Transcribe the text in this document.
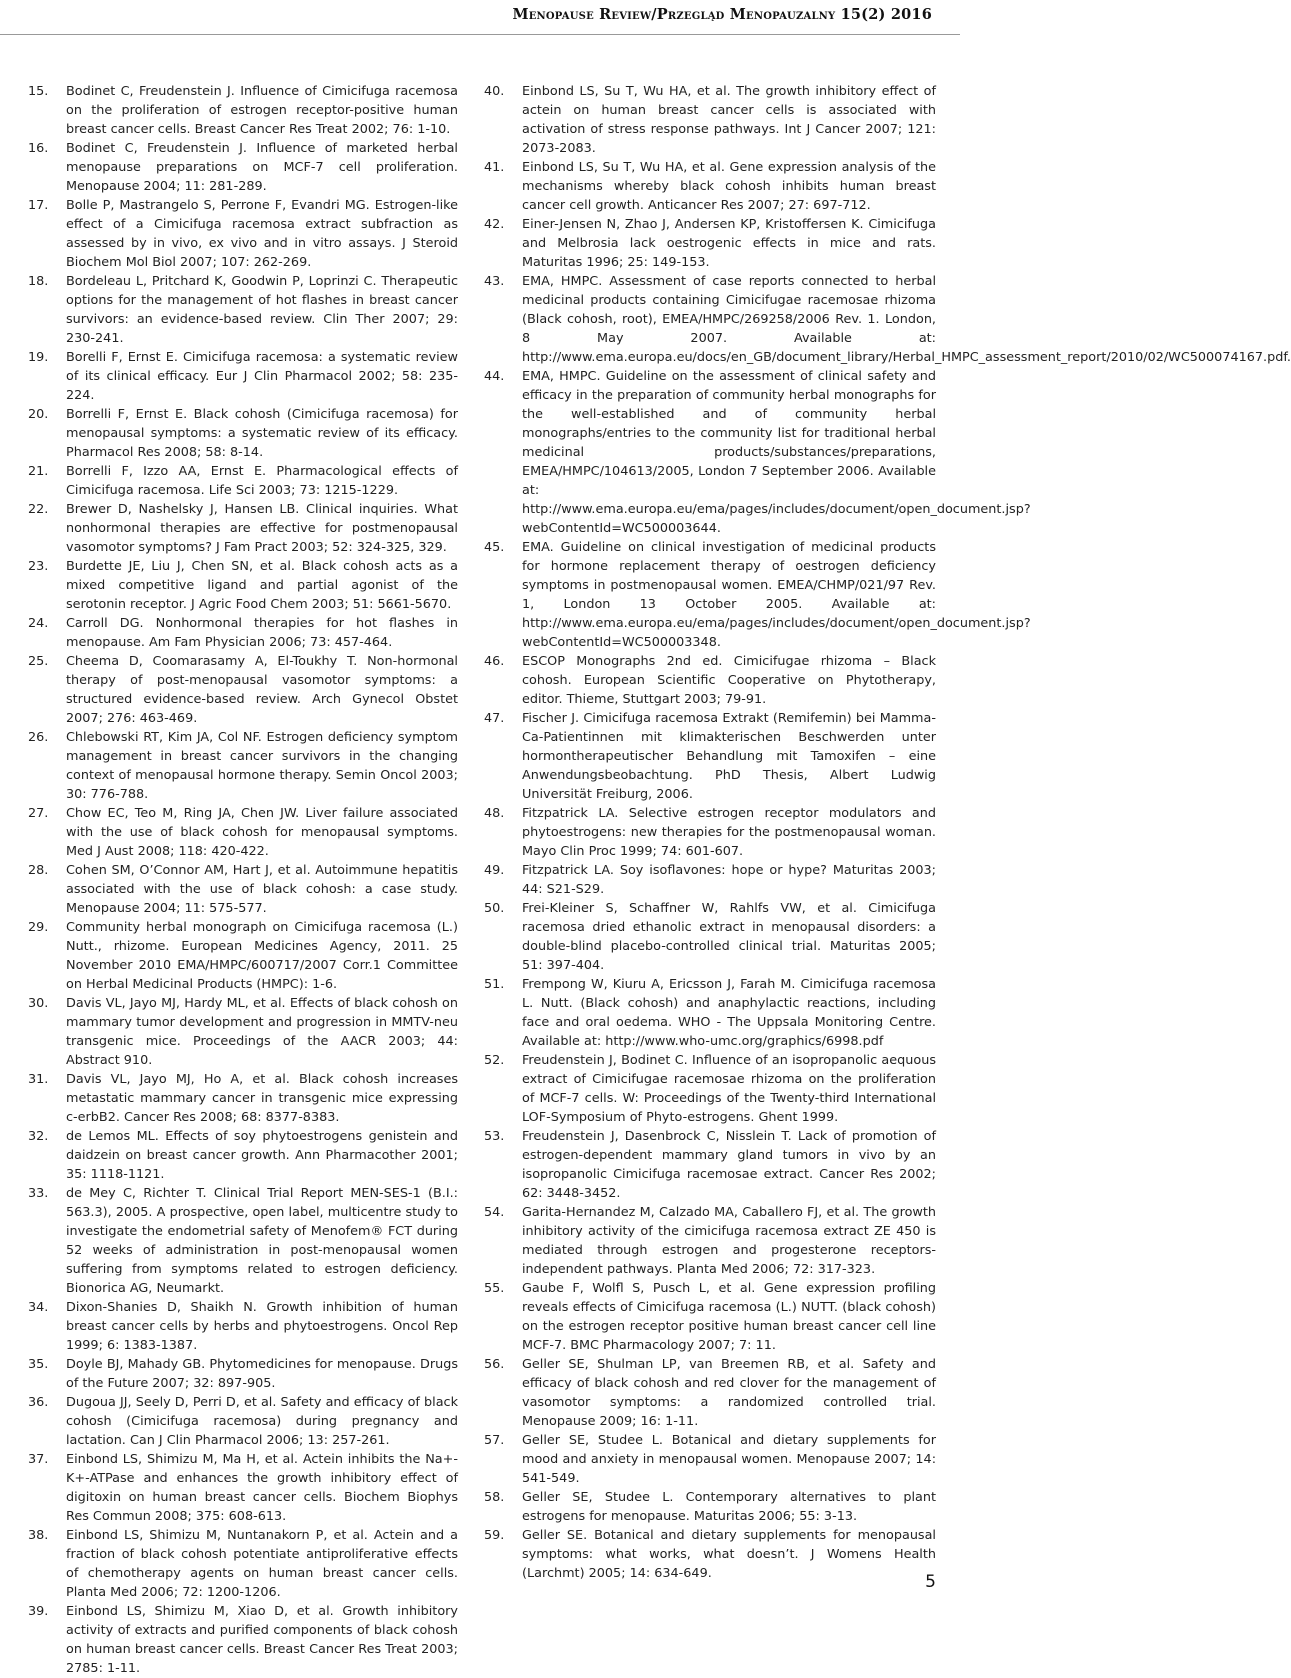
Menopause Review/Przegląd Menopauzalny 15(2) 2016
15. Bodinet C, Freudenstein J. Influence of Cimicifuga racemosa on the proliferation of estrogen receptor-positive human breast cancer cells. Breast Cancer Res Treat 2002; 76: 1-10.
16. Bodinet C, Freudenstein J. Influence of marketed herbal menopause preparations on MCF-7 cell proliferation. Menopause 2004; 11: 281-289.
17. Bolle P, Mastrangelo S, Perrone F, Evandri MG. Estrogen-like effect of a Cimicifuga racemosa extract subfraction as assessed by in vivo, ex vivo and in vitro assays. J Steroid Biochem Mol Biol 2007; 107: 262-269.
18. Bordeleau L, Pritchard K, Goodwin P, Loprinzi C. Therapeutic options for the management of hot flashes in breast cancer survivors: an evidence-based review. Clin Ther 2007; 29: 230-241.
19. Borelli F, Ernst E. Cimicifuga racemosa: a systematic review of its clinical efficacy. Eur J Clin Pharmacol 2002; 58: 235-224.
20. Borrelli F, Ernst E. Black cohosh (Cimicifuga racemosa) for menopausal symptoms: a systematic review of its efficacy. Pharmacol Res 2008; 58: 8-14.
21. Borrelli F, Izzo AA, Ernst E. Pharmacological effects of Cimicifuga racemosa. Life Sci 2003; 73: 1215-1229.
22. Brewer D, Nashelsky J, Hansen LB. Clinical inquiries. What nonhormonal therapies are effective for postmenopausal vasomotor symptoms? J Fam Pract 2003; 52: 324-325, 329.
23. Burdette JE, Liu J, Chen SN, et al. Black cohosh acts as a mixed competitive ligand and partial agonist of the serotonin receptor. J Agric Food Chem 2003; 51: 5661-5670.
24. Carroll DG. Nonhormonal therapies for hot flashes in menopause. Am Fam Physician 2006; 73: 457-464.
25. Cheema D, Coomarasamy A, El-Toukhy T. Non-hormonal therapy of post-menopausal vasomotor symptoms: a structured evidence-based review. Arch Gynecol Obstet 2007; 276: 463-469.
26. Chlebowski RT, Kim JA, Col NF. Estrogen deficiency symptom management in breast cancer survivors in the changing context of menopausal hormone therapy. Semin Oncol 2003; 30: 776-788.
27. Chow EC, Teo M, Ring JA, Chen JW. Liver failure associated with the use of black cohosh for menopausal symptoms. Med J Aust 2008; 118: 420-422.
28. Cohen SM, O’Connor AM, Hart J, et al. Autoimmune hepatitis associated with the use of black cohosh: a case study. Menopause 2004; 11: 575-577.
29. Community herbal monograph on Cimicifuga racemosa (L.) Nutt., rhizome. European Medicines Agency, 2011. 25 November 2010 EMA/HMPC/600717/2007 Corr.1 Committee on Herbal Medicinal Products (HMPC): 1-6.
30. Davis VL, Jayo MJ, Hardy ML, et al. Effects of black cohosh on mammary tumor development and progression in MMTV-neu transgenic mice. Proceedings of the AACR 2003; 44: Abstract 910.
31. Davis VL, Jayo MJ, Ho A, et al. Black cohosh increases metastatic mammary cancer in transgenic mice expressing c-erbB2. Cancer Res 2008; 68: 8377-8383.
32. de Lemos ML. Effects of soy phytoestrogens genistein and daidzein on breast cancer growth. Ann Pharmacother 2001; 35: 1118-1121.
33. de Mey C, Richter T. Clinical Trial Report MEN-SES-1 (B.I.: 563.3), 2005. A prospective, open label, multicentre study to investigate the endometrial safety of Menofem® FCT during 52 weeks of administration in post-menopausal women suffering from symptoms related to estrogen deficiency. Bionorica AG, Neumarkt.
34. Dixon-Shanies D, Shaikh N. Growth inhibition of human breast cancer cells by herbs and phytoestrogens. Oncol Rep 1999; 6: 1383-1387.
35. Doyle BJ, Mahady GB. Phytomedicines for menopause. Drugs of the Future 2007; 32: 897-905.
36. Dugoua JJ, Seely D, Perri D, et al. Safety and efficacy of black cohosh (Cimicifuga racemosa) during pregnancy and lactation. Can J Clin Pharmacol 2006; 13: 257-261.
37. Einbond LS, Shimizu M, Ma H, et al. Actein inhibits the Na+-K+-ATPase and enhances the growth inhibitory effect of digitoxin on human breast cancer cells. Biochem Biophys Res Commun 2008; 375: 608-613.
38. Einbond LS, Shimizu M, Nuntanakorn P, et al. Actein and a fraction of black cohosh potentiate antiproliferative effects of chemotherapy agents on human breast cancer cells. Planta Med 2006; 72: 1200-1206.
39. Einbond LS, Shimizu M, Xiao D, et al. Growth inhibitory activity of extracts and purified components of black cohosh on human breast cancer cells. Breast Cancer Res Treat 2003; 2785: 1-11.
40. Einbond LS, Su T, Wu HA, et al. The growth inhibitory effect of actein on human breast cancer cells is associated with activation of stress response pathways. Int J Cancer 2007; 121: 2073-2083.
41. Einbond LS, Su T, Wu HA, et al. Gene expression analysis of the mechanisms whereby black cohosh inhibits human breast cancer cell growth. Anticancer Res 2007; 27: 697-712.
42. Einer-Jensen N, Zhao J, Andersen KP, Kristoffersen K. Cimicifuga and Melbrosia lack oestrogenic effects in mice and rats. Maturitas 1996; 25: 149-153.
43. EMA, HMPC. Assessment of case reports connected to herbal medicinal products containing Cimicifugae racemosae rhizoma (Black cohosh, root), EMEA/HMPC/269258/2006 Rev. 1. London, 8 May 2007. Available at: http://www.ema.europa.eu/docs/en_GB/document_library/Herbal_HMPC_assessment_report/2010/02/WC500074167.pdf.
44. EMA, HMPC. Guideline on the assessment of clinical safety and efficacy in the preparation of community herbal monographs for the well-established and of community herbal monographs/entries to the community list for traditional herbal medicinal products/substances/preparations, EMEA/HMPC/104613/2005, London 7 September 2006. Available at: http://www.ema.europa.eu/ema/pages/includes/document/open_document.jsp?webContentId=WC500003644.
45. EMA. Guideline on clinical investigation of medicinal products for hormone replacement therapy of oestrogen deficiency symptoms in postmenopausal women. EMEA/CHMP/021/97 Rev. 1, London 13 October 2005. Available at: http://www.ema.europa.eu/ema/pages/includes/document/open_document.jsp?webContentId=WC500003348.
46. ESCOP Monographs 2nd ed. Cimicifugae rhizoma – Black cohosh. European Scientific Cooperative on Phytotherapy, editor. Thieme, Stuttgart 2003; 79-91.
47. Fischer J. Cimicifuga racemosa Extrakt (Remifemin) bei Mamma-Ca-Patientinnen mit klimakterischen Beschwerden unter hormontherapeutischer Behandlung mit Tamoxifen – eine Anwendungsbeobachtung. PhD Thesis, Albert Ludwig Universität Freiburg, 2006.
48. Fitzpatrick LA. Selective estrogen receptor modulators and phytoestrogens: new therapies for the postmenopausal woman. Mayo Clin Proc 1999; 74: 601-607.
49. Fitzpatrick LA. Soy isoflavones: hope or hype? Maturitas 2003; 44: S21-S29.
50. Frei-Kleiner S, Schaffner W, Rahlfs VW, et al. Cimicifuga racemosa dried ethanolic extract in menopausal disorders: a double-blind placebo-controlled clinical trial. Maturitas 2005; 51: 397-404.
51. Frempong W, Kiuru A, Ericsson J, Farah M. Cimicifuga racemosa L. Nutt. (Black cohosh) and anaphylactic reactions, including face and oral oedema. WHO - The Uppsala Monitoring Centre. Available at: http://www.who-umc.org/graphics/6998.pdf
52. Freudenstein J, Bodinet C. Influence of an isopropanolic aequous extract of Cimicifugae racemosae rhizoma on the proliferation of MCF-7 cells. W: Proceedings of the Twenty-third International LOF-Symposium of Phyto-estrogens. Ghent 1999.
53. Freudenstein J, Dasenbrock C, Nisslein T. Lack of promotion of estrogen-dependent mammary gland tumors in vivo by an isopropanolic Cimicifuga racemosae extract. Cancer Res 2002; 62: 3448-3452.
54. Garita-Hernandez M, Calzado MA, Caballero FJ, et al. The growth inhibitory activity of the cimicifuga racemosa extract ZE 450 is mediated through estrogen and progesterone receptors-independent pathways. Planta Med 2006; 72: 317-323.
55. Gaube F, Wolfl S, Pusch L, et al. Gene expression profiling reveals effects of Cimicifuga racemosa (L.) NUTT. (black cohosh) on the estrogen receptor positive human breast cancer cell line MCF-7. BMC Pharmacology 2007; 7: 11.
56. Geller SE, Shulman LP, van Breemen RB, et al. Safety and efficacy of black cohosh and red clover for the management of vasomotor symptoms: a randomized controlled trial. Menopause 2009; 16: 1-11.
57. Geller SE, Studee L. Botanical and dietary supplements for mood and anxiety in menopausal women. Menopause 2007; 14: 541-549.
58. Geller SE, Studee L. Contemporary alternatives to plant estrogens for menopause. Maturitas 2006; 55: 3-13.
59. Geller SE. Botanical and dietary supplements for menopausal symptoms: what works, what doesn’t. J Womens Health (Larchmt) 2005; 14: 634-649.	5
